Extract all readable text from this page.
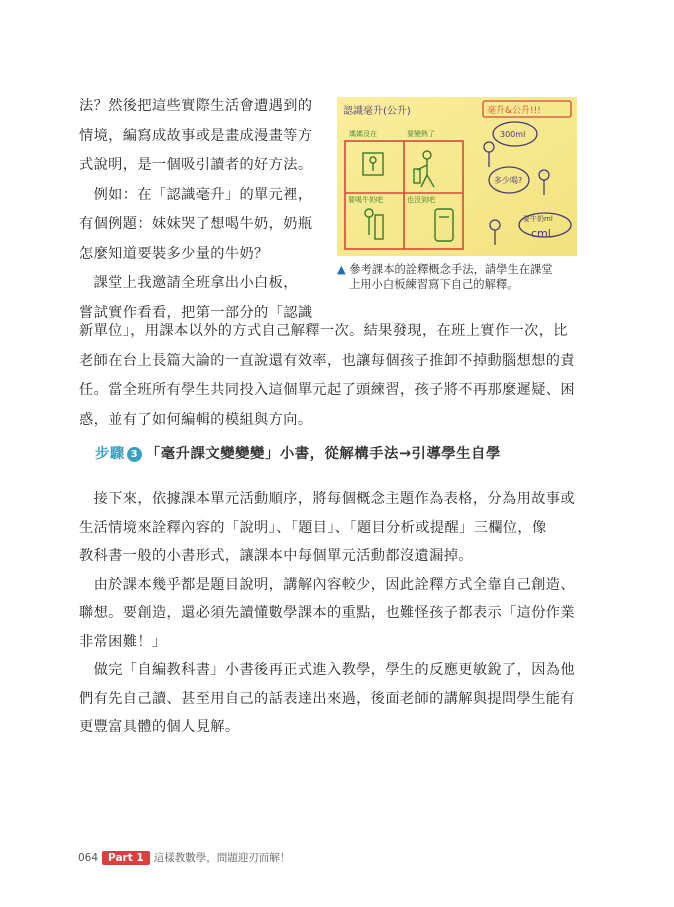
法？然後把這些實際生活會遭遇到的
情境，編寫成故事或是畫成漫畫等方
式說明，是一個吸引讀者的好方法。
　例如：在「認識毫升」的單元裡，
有個例題：妹妹哭了想喝牛奶，奶瓶
怎麼知道要裝多少量的牛奶？
　課堂上我邀請全班拿出小白板，
嘗試實作看看，把第一部分的「認識
認識毫升(公升)	毫升&公升!!!
媽媽沒在	要變熱了
要喝牛奶吧	也沒到吧
300ml
多少喝?
要牛奶ml
cml
▲ 參考課本的詮釋概念手法，請學生在課堂
上用小白板練習寫下自己的解釋。
新單位」，用課本以外的方式自己解釋一次。結果發現，在班上實作一次，比
老師在台上長篇大論的一直說還有效率，也讓每個孩子推卸不掉動腦想想的責
任。當全班所有學生共同投入這個單元起了頭練習，孩子將不再那麼遲疑、困
惑，並有了如何編輯的模組與方向。
步驟 3 「毫升課文變變變」小書，從解構手法→引導學生自學
　接下來，依據課本單元活動順序，將每個概念主題作為表格，分為用故事或
生活情境來詮釋內容的「說明」、「題目」、「題目分析或提醒」三欄位，像
教科書一般的小書形式，讓課本中每個單元活動都沒遺漏掉。
　由於課本幾乎都是題目說明，講解內容較少，因此詮釋方式全靠自己創造、
聯想。要創造，還必須先讀懂數學課本的重點，也難怪孩子都表示「這份作業
非常困難！」
　做完「自編教科書」小書後再正式進入教學，學生的反應更敏銳了，因為他
們有先自己讀、甚至用自己的話表達出來過，後面老師的講解與提問學生能有
更豐富具體的個人見解。
064 Part 1 這樣教數學，問題迎刃而解！
